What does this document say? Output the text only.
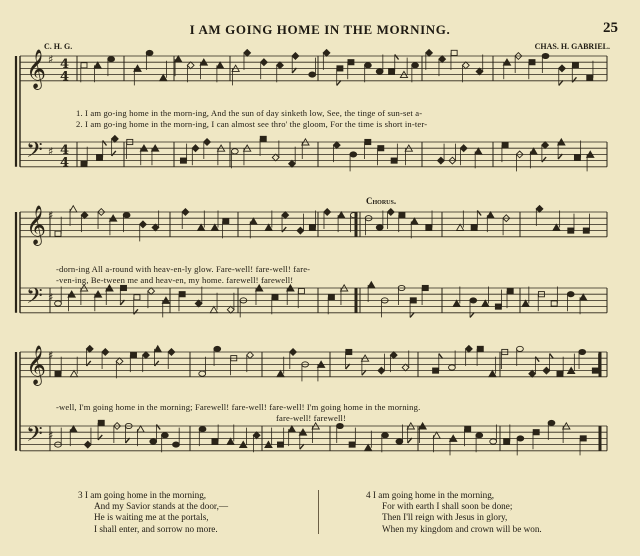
I AM GOING HOME IN THE MORNING.	25
C. H. G.	CHAS. H. GABRIEL.
𝄞 ♯ 4
4
𝄢 ♯ 4
4
𝄞 ♯
𝄢 ♯
𝄞 ♯
𝄢 ♯
Chorus.
1. I am go-ing home in the morn-ing, And the sun of day sinketh low, See, the tinge of sun-set a-
2. I am go-ing home in the morn-ing, I can almost see thro' the gloom, For the time is short in-ter-
-dorn-ing All a-round with heav-en-ly glow. Fare-well! fare-well! fare-
-ven-ing, Be-tween me and heav-en, my home. farewell! farewell!
-well, I'm going home in the morning; Farewell! fare-well! fare-well! I'm going home in the morning.
fare-well! farewell!
3 I am going home in the morning,
And my Savior stands at the door,—
He is waiting me at the portals,
I shall enter, and sorrow no more.
4 I am going home in the morning,
For with earth I shall soon be done;
Then I'll reign with Jesus in glory,
When my kingdom and crown will be won.
